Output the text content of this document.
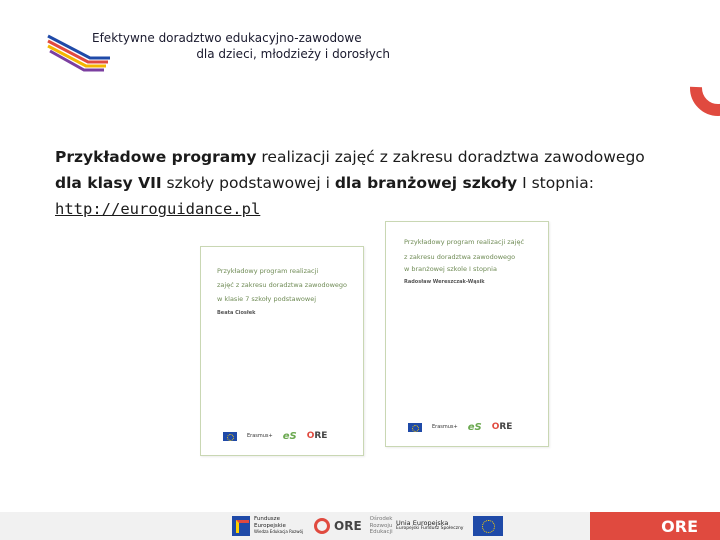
Efektywne doradztwo edukacyjno-zawodowe
dla dzieci, młodzieży i dorosłych
Przykładowe programy realizacji zajęć z zakresu doradztwa zawodowego
dla klasy VII szkoły podstawowej i dla branżowej szkoły I stopnia:
http://euroguidance.pl
Przykładowy program realizacji
zajęć z zakresu doradztwa zawodowego
w klasie 7 szkoły podstawowej
Beata Ciosłek
Erasmus+ eS ORE
Przykładowy program realizacji zajęć
z zakresu doradztwa zawodowego
w branżowej szkole I stopnia
Radosław Wereszczak-Wąsik
Erasmus+ eS ORE
ORE
Fundusze
Europejskie
Wiedza Edukacja Rozwój	ORE Ośrodek
Rozwoju
Edukacji
Unia Europejska
Europejski Fundusz Społeczny
